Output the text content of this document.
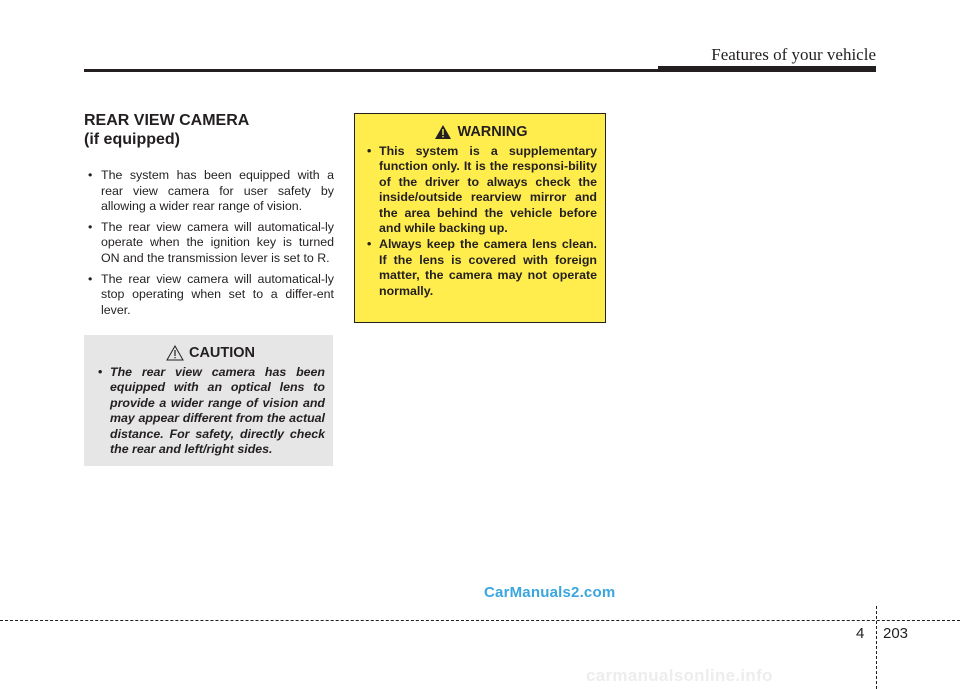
Features of your vehicle
REAR VIEW CAMERA
(if equipped)
• The system has been equipped with a rear view camera for user safety by allowing a wider rear range of vision.
• The rear view camera will automatical-ly operate when the ignition key is turned ON and the transmission lever is set to R.
• The rear view camera will automatical-ly stop operating when set to a differ-ent lever.
CAUTION
• The rear view camera has been equipped with an optical lens to provide a wider range of vision and may appear different from the actual distance. For safety, directly check the rear and left/right sides.
WARNING
• This system is a supplementary function only. It is the responsi-bility of the driver to always check the inside/outside rearview mirror and the area behind the vehicle before and while backing up.
• Always keep the camera lens clean. If the lens is covered with foreign matter, the camera may not operate normally.
CarManuals2.com
4 203
carmanualsonline.info
